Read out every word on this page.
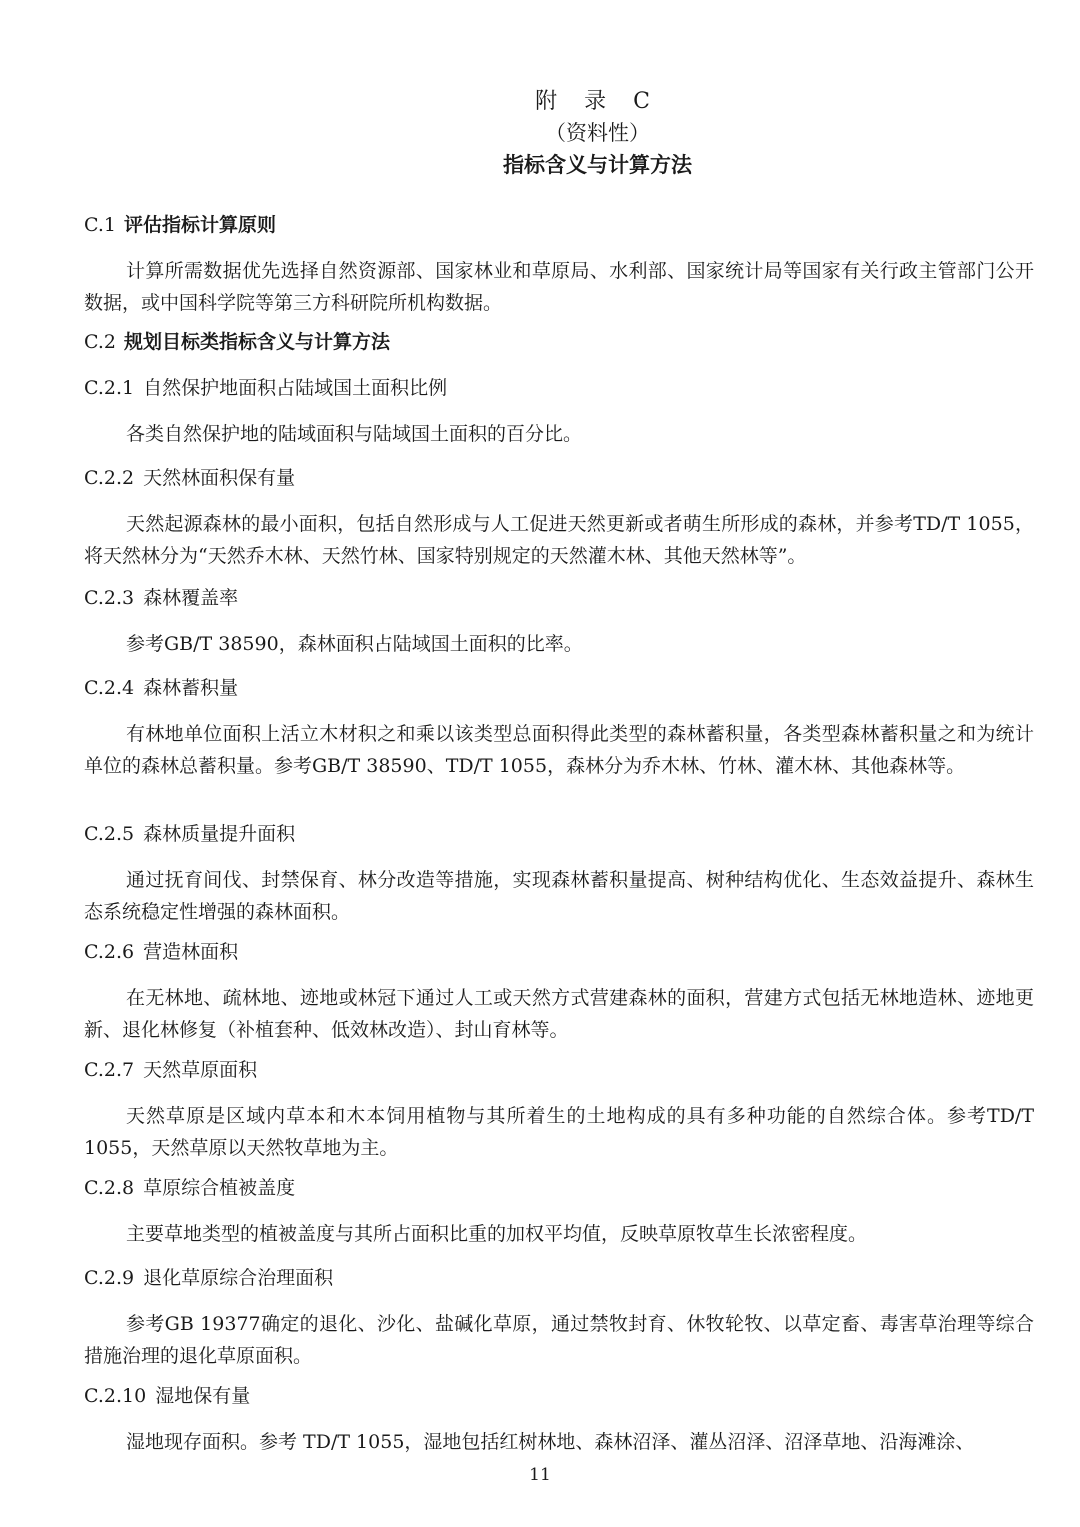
附 录 C
（资料性）
指标含义与计算方法
C.1 评估指标计算原则

计算所需数据优先选择自然资源部、国家林业和草原局、水利部、国家统计局等国家有关行政主管部门公开数据，或中国科学院等第三方科研院所机构数据。

C.2 规划目标类指标含义与计算方法
C.2.1 自然保护地面积占陆域国土面积比例

各类自然保护地的陆域面积与陆域国土面积的百分比。

C.2.2 天然林面积保有量

天然起源森林的最小面积，包括自然形成与人工促进天然更新或者萌生所形成的森林，并参考TD/T 1055，将天然林分为“天然乔木林、天然竹林、国家特别规定的天然灌木林、其他天然林等”。

C.2.3 森林覆盖率

参考GB/T 38590，森林面积占陆域国土面积的比率。

C.2.4 森林蓄积量

有林地单位面积上活立木材积之和乘以该类型总面积得此类型的森林蓄积量，各类型森林蓄积量之和为统计单位的森林总蓄积量。参考GB/T 38590、TD/T 1055，森林分为乔木林、竹林、灌木林、其他森林等。

C.2.5 森林质量提升面积

通过抚育间伐、封禁保育、林分改造等措施，实现森林蓄积量提高、树种结构优化、生态效益提升、森林生态系统稳定性增强的森林面积。

C.2.6 营造林面积

在无林地、疏林地、迹地或林冠下通过人工或天然方式营建森林的面积，营建方式包括无林地造林、迹地更新、退化林修复（补植套种、低效林改造）、封山育林等。

C.2.7 天然草原面积

天然草原是区域内草本和木本饲用植物与其所着生的土地构成的具有多种功能的自然综合体。参考TD/T 1055，天然草原以天然牧草地为主。

C.2.8 草原综合植被盖度

主要草地类型的植被盖度与其所占面积比重的加权平均值，反映草原牧草生长浓密程度。

C.2.9 退化草原综合治理面积

参考GB 19377确定的退化、沙化、盐碱化草原，通过禁牧封育、休牧轮牧、以草定畜、毒害草治理等综合措施治理的退化草原面积。

C.2.10 湿地保有量

湿地现存面积。参考 TD/T 1055，湿地包括红树林地、森林沼泽、灌丛沼泽、沼泽草地、沿海滩涂、

11
